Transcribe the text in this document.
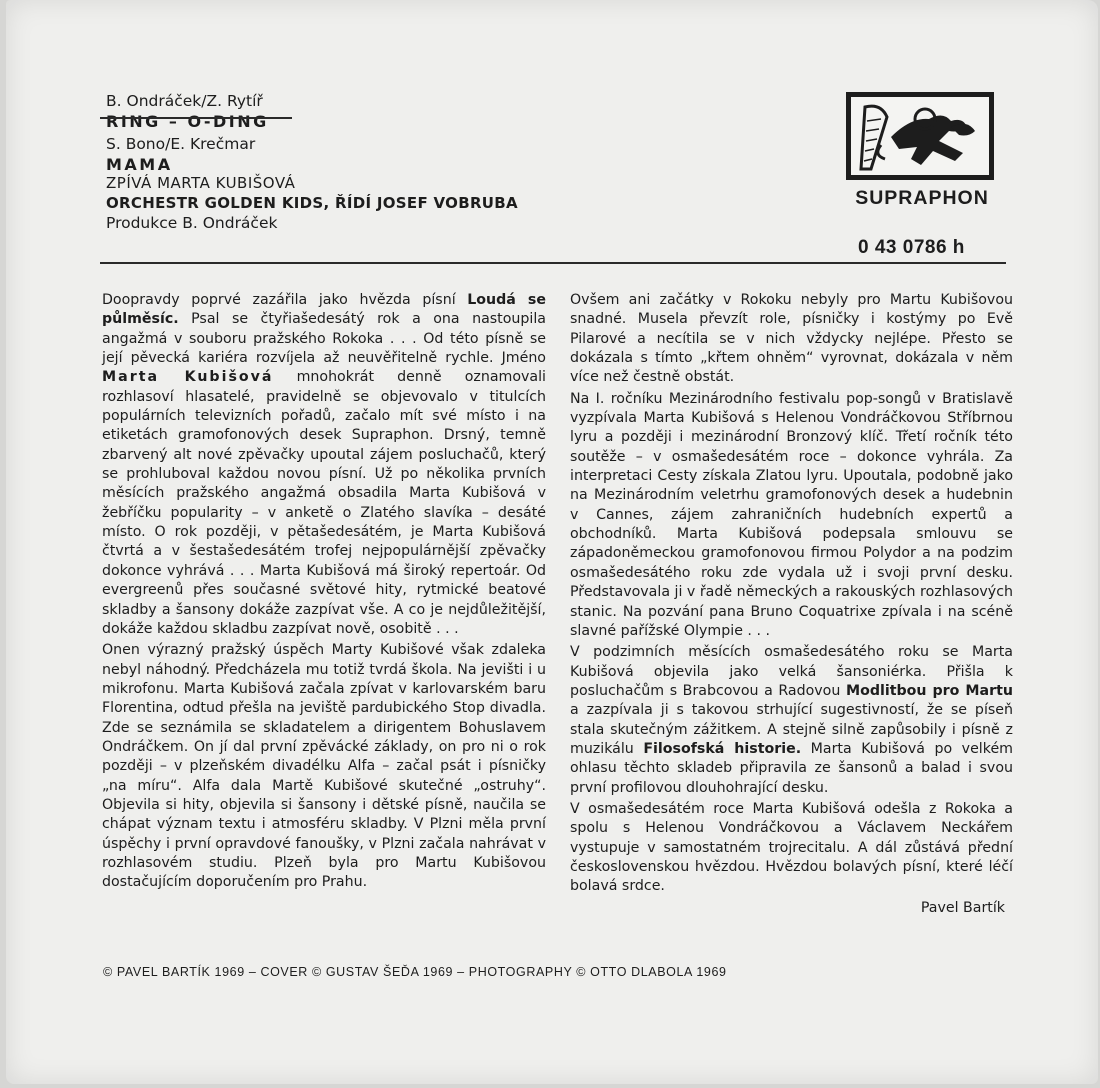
B. Ondráček/Z. Rytíř
RING – O-DING
S. Bono/E. Krečmar
MAMA
ZPÍVÁ MARTA KUBIŠOVÁ
ORCHESTR GOLDEN KIDS, ŘÍDÍ JOSEF VOBRUBA
Produkce B. Ondráček
SUPRAPHON
0 43 0786 h

Doopravdy poprvé zazářila jako hvězda písní Loudá se půlměsíc. Psal se čtyřiašedesátý rok a ona nastoupila angažmá v souboru pražského Rokoka . . . Od této písně se její pěvecká kariéra rozvíjela až neuvěřitelně rychle. Jméno Marta Kubišová mnohokrát denně oznamovali rozhlasoví hlasatelé, pravidelně se objevovalo v titulcích populárních televizních pořadů, začalo mít své místo i na etiketách gramofonových desek Supraphon. Drsný, temně zbarvený alt nové zpěvačky upoutal zájem posluchačů, který se prohluboval každou novou písní. Už po několika prvních měsících pražského angažmá obsadila Marta Kubišová v žebříčku popularity – v anketě o Zlatého slavíka – desáté místo. O rok později, v pětašedesátém, je Marta Kubišová čtvrtá a v šestašedesátém trofej nejpopulárnější zpěvačky dokonce vyhrává . . . Marta Kubišová má široký repertoár. Od evergreenů přes současné světové hity, rytmické beatové skladby a šansony dokáže zazpívat vše. A co je nejdůležitější, dokáže každou skladbu zazpívat nově, osobitě . . .

Onen výrazný pražský úspěch Marty Kubišové však zdaleka nebyl náhodný. Předcházela mu totiž tvrdá škola. Na jevišti i u mikrofonu. Marta Kubišová začala zpívat v karlovarském baru Florentina, odtud přešla na jeviště pardubického Stop divadla. Zde se seznámila se skladatelem a dirigentem Bohuslavem Ondráčkem. On jí dal první zpěvácké základy, on pro ni o rok později – v plzeňském divadélku Alfa – začal psát i písničky „na míru“. Alfa dala Martě Kubišové skutečné „ostruhy“. Objevila si hity, objevila si šansony i dětské písně, naučila se chápat význam textu i atmosféru skladby. V Plzni měla první úspěchy i první opravdové fanoušky, v Plzni začala nahrávat v rozhlasovém studiu. Plzeň byla pro Martu Kubišovou dostačujícím doporučením pro Prahu.

Ovšem ani začátky v Rokoku nebyly pro Martu Kubišovou snadné. Musela převzít role, písničky i kostýmy po Evě Pilarové a necítila se v nich vždycky nejlépe. Přesto se dokázala s tímto „křtem ohněm“ vyrovnat, dokázala v něm více než čestně obstát.

Na I. ročníku Mezinárodního festivalu pop-songů v Bratislavě vyzpívala Marta Kubišová s Helenou Vondráčkovou Stříbrnou lyru a později i mezinárodní Bronzový klíč. Třetí ročník této soutěže – v osmašedesátém roce – dokonce vyhrála. Za interpretaci Cesty získala Zlatou lyru. Upoutala, podobně jako na Mezinárodním veletrhu gramofonových desek a hudebnin v Cannes, zájem zahraničních hudebních expertů a obchodníků. Marta Kubišová podepsala smlouvu se západoněmeckou gramofonovou firmou Polydor a na podzim osmašedesátého roku zde vydala už i svoji první desku. Představovala ji v řadě německých a rakouských rozhlasových stanic. Na pozvání pana Bruno Coquatrixe zpívala i na scéně slavné pařížské Olympie . . .

V podzimních měsících osmašedesátého roku se Marta Kubišová objevila jako velká šansoniérka. Přišla k posluchačům s Brabcovou a Radovou Modlitbou pro Martu a zazpívala ji s takovou strhující sugestivností, že se píseň stala skutečným zážitkem. A stejně silně zapůsobily i písně z muzikálu Filosofská historie. Marta Kubišová po velkém ohlasu těchto skladeb připravila ze šansonů a balad i svou první profilovou dlouhohrající desku.

V osmašedesátém roce Marta Kubišová odešla z Rokoka a spolu s Helenou Vondráčkovou a Václavem Neckářem vystupuje v samostatném trojrecitalu. A dál zůstává přední československou hvězdou. Hvězdou bolavých písní, které léčí bolavá srdce.

Pavel Bartík
© PAVEL BARTÍK 1969 – COVER © GUSTAV ŠEĎA 1969 – PHOTOGRAPHY © OTTO DLABOLA 1969
